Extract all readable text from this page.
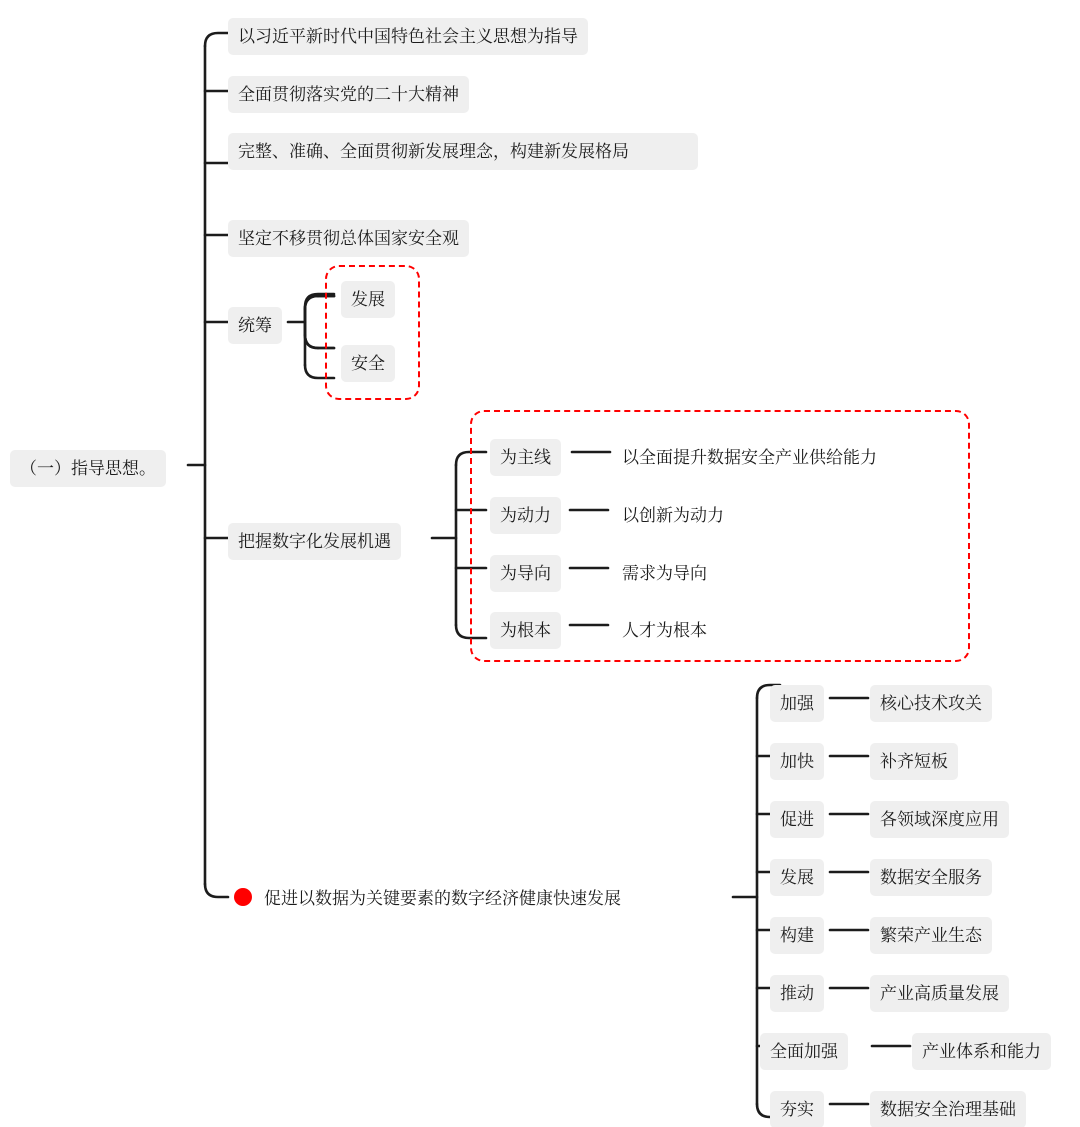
（一）指导思想。
以习近平新时代中国特色社会主义思想为指导
全面贯彻落实党的二十大精神
完整、准确、全面贯彻新发展理念，构建新发展格局
坚定不移贯彻总体国家安全观
统筹
把握数字化发展机遇
促进以数据为关键要素的数字经济健康快速发展
发展
安全
为主线	以全面提升数据安全产业供给能力
为动力	以创新为动力
为导向	需求为导向
为根本	人才为根本
加强	核心技术攻关
加快	补齐短板
促进	各领域深度应用
发展	数据安全服务
构建	繁荣产业生态
推动	产业高质量发展
全面加强	产业体系和能力
夯实	数据安全治理基础
